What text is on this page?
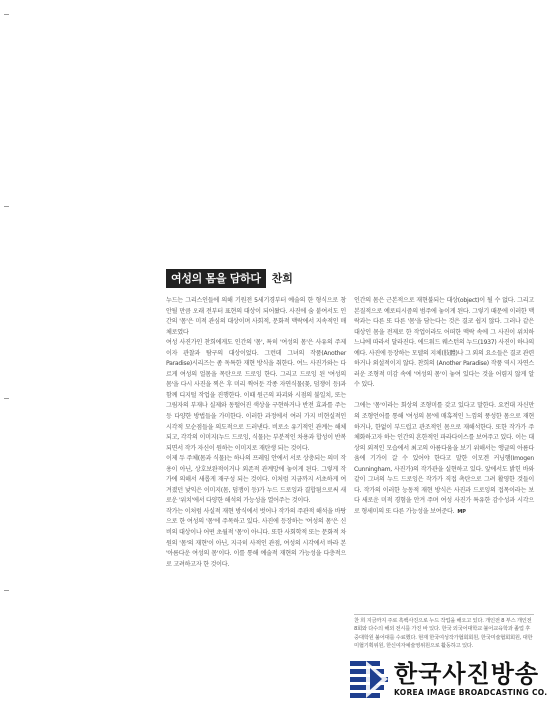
여성의 몸을 담하다	찬희

누드는 그리스인들에 의해 기원전 5세기경부터 예술의 한 형식으로 창안될 만큼 오래 전부터 표현의 대상이 되어왔다. 사진에 숨 붙여서도 인간의 '몸'은 미적 관심의 대상이며 사회적, 문화적 맥락에서 지속적인 매체로였다

여성 사진가인 찬희에게도 인간의 '몸', 특히 '여성의 몸'은 사유의 주제이자 관찰과 탐구의 대상이었다. 그런데 그녀의 작품(Another Paradise)시리즈는 좀 독특한 재현 방식을 취한다. 여느 사진가와는 다르게 여성의 얼몸을 목탄으로 드로잉 한다. 그리고 드로잉 된 '여성의 몸'을 다시 사진을 찍은 후 미리 찍어둔 각종 자연식물(꽃, 덤쟁이 등)과 함께 디지털 작업을 진행한다. 이때 원근의 파괴와 시점의 불일치, 또는 그림자의 부재나 실제와 동떨어진 색상을 구현하거나 반전 효과를 주는 등 다양한 방법들을 가미한다. 이러한 과정에서 여러 가지 비현실적인 시각적 모순점들을 의도적으로 드러낸다. 비로소 유기적인 관계는 해체되고, 각각의 이미지(누드 드로잉, 식물)는 부분적인 차용과 합성이 반복되면서 작가 자신이 원하는 이미지로 재탄생 되는 것이다.

이제 두 주체(몸과 식물)는 하나의 프레임 안에서 서로 상충되는 의미 작용이 아닌, 상호보완적이거나 외존적 관계망에 놓이게 된다. 그렇게 작가에 의해서 새롭게 재구성 되는 것이다. 이처럼 지금까지 서초하게 여겨졌던 낯익은 이미지(몸, 덤쟁이 등)가 누드 드로잉과 결합됨으로써 새로운 '위치'에서 다양한 해석의 가능성을 열어주는 것이다.

작가는 이처럼 사실적 재현 방식에서 벗어나 작가의 주관적 해석을 바탕으로 한 여성의 '몸'에 주목하고 있다. 사진에 등장하는 '여성의 몸'은 신비의 대상이나 어떤 초월적 '몸'이 아니다. 또한 사회학적 또는 문화적 차원의 '몸'의 재현'이 아닌, 지극히 사적인 관점, 여성의 시각에서 바라 본 '아름다운 여성의 몸'이다. 이를 통해 예술적 재현의 가능성을 다층적으로 고려하고자 한 것이다.

인간의 몸은 근본적으로 재현불되는 대상(object)이 될 수 없다. 그리고 본질적으로 예로티시즘의 범주에 놓이게 된다. 그렇기 때문에 이러한 맥락과는 다른 또 다른 '몸'을 담는다는 것은 결코 쉽지 않다. 그러나 같은 대상인 몸을 전제로 한 작업이라도 어떠한 맥락 속에 그 사진이 위치하느냐에 따라서 달라진다. 에드워드 웨스턴의 누드(1937) 사진이 하나의 예다. 사진에 등장하는 모델의 지체(肢體)나 그 외의 요소들은 결코 관련하거나 외설적이지 않다. 찬희의 (Another Paradise) 작품 역시 자연스러운 조형적 미감 속에 '여성의 몸'이 놓여 있다는 것을 어렴지 않게 알 수 있다.

그에는 '몸'이라는 회상의 조형미를 갖고 있다고 말한다. 요컨대 자신만의 조형언어를 통해 '여성의 몸'에 매혹적인 느낌의 풍성한 몸으로 재현하거나, 한없이 부드럽고 관조적인 몸으로 재해석한다. 또한 작가가 주체화하고자 하는 인간의 흔한적인 파라다이스를 보여주고 있다. 이는 대상의 외적인 모습에서 최고의 아름다움을 보기 위해서는 앵글의 아름다움에 기가이 갈 수 있어야 한다고 말한 이모겐 커닝햄(Imogen Cunningham, 사진가)의 작가관을 실현하고 있다. 앞에서도 밝힌 바와 같이 그녀의 누드 드로잉은 작가가 직접 촉탄으로 그려 활영한 것들이다. 작가의 이러한 능동적 재현 방식은 사진과 드로잉의 접목이라는 보다 새로운 미적 경험을 안겨 주며 여성 사진가 특유한 감수성과 시각으로 형세미의 또 다른 가능성을 보여준다. MP

찬 희 지금까지 주로 흑백사진으로 누드 작업을 해오고 있다. 개인전 8 부스 개인전 8회와 다수의 해외 전시를 가진 바 있다. 한국 외국어대학교 불어교육학과 졸업 후 중대학원 불어대를 수료했다. 현재 한국여성작가협회회원, 한국미술협회회원, 대한미협기획위원, 한신여자예술영위원으로 활동하고 있다.

한국사진방송
KOREA IMAGE BROADCASTING CO.
